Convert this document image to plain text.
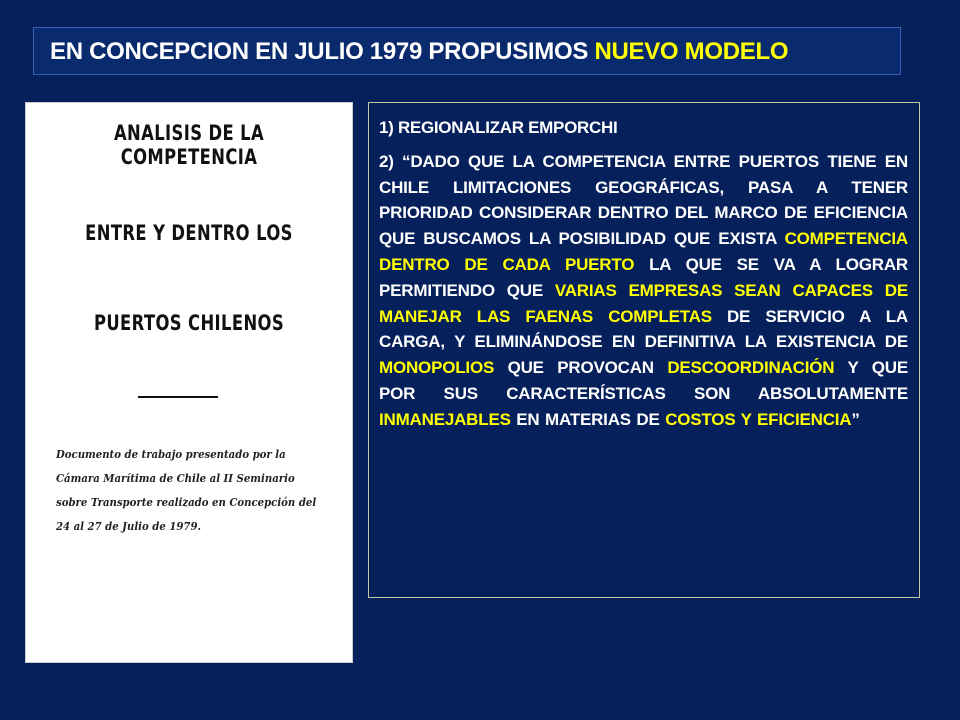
EN CONCEPCION EN JULIO 1979 PROPUSIMOS NUEVO MODELO
ANALISIS DE LA COMPETENCIA
ENTRE Y DENTRO LOS
PUERTOS CHILENOS
Documento de trabajo presentado por la Cámara Marítima de Chile al II Seminario sobre Transporte realizado en Concepción del 24 al 27 de Julio de 1979.

1) REGIONALIZAR EMPORCHI

2) “DADO QUE LA COMPETENCIA ENTRE PUERTOS TIENE EN CHILE LIMITACIONES GEOGRÁFICAS, PASA A TENER PRIORIDAD CONSIDERAR DENTRO DEL MARCO DE EFICIENCIA QUE BUSCAMOS LA POSIBILIDAD QUE EXISTA COMPETENCIA DENTRO DE CADA PUERTO LA QUE SE VA A LOGRAR PERMITIENDO QUE VARIAS EMPRESAS SEAN CAPACES DE MANEJAR LAS FAENAS COMPLETAS DE SERVICIO A LA CARGA, Y ELIMINÁNDOSE EN DEFINITIVA LA EXISTENCIA DE MONOPOLIOS QUE PROVOCAN DESCOORDINACIÓN Y QUE POR SUS CARACTERÍSTICAS SON ABSOLUTAMENTE INMANEJABLES EN MATERIAS DE COSTOS Y EFICIENCIA”
